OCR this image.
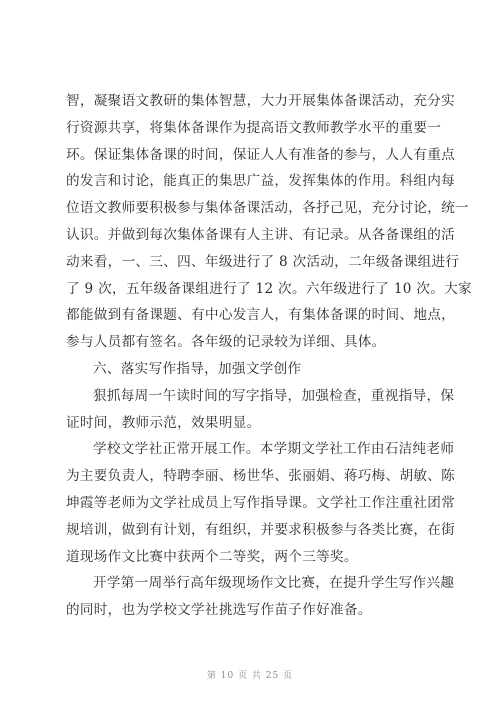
智，凝聚语文教研的集体智慧，大力开展集体备课活动，充分实
行资源共享，将集体备课作为提高语文教师教学水平的重要一
环。保证集体备课的时间，保证人人有准备的参与，人人有重点
的发言和讨论，能真正的集思广益，发挥集体的作用。科组内每
位语文教师要积极参与集体备课活动，各抒己见，充分讨论，统一
认识。并做到每次集体备课有人主讲、有记录。从各备课组的活
动来看，一、三、四、年级进行了 8 次活动，二年级备课组进行
了 9 次，五年级备课组进行了 12 次。六年级进行了 10 次。大家
都能做到有备课题、有中心发言人，有集体备课的时间、地点，
参与人员都有签名。各年级的记录较为详细、具体。
六、落实写作指导，加强文学创作
狠抓每周一午读时间的写字指导，加强检查，重视指导，保
证时间，教师示范，效果明显。
学校文学社正常开展工作。本学期文学社工作由石洁纯老师
为主要负责人，特聘李丽、杨世华、张丽娟、蒋巧梅、胡敏、陈
坤霞等老师为文学社成员上写作指导课。文学社工作注重社团常
规培训，做到有计划，有组织，并要求积极参与各类比赛，在街
道现场作文比赛中获两个二等奖，两个三等奖。
开学第一周举行高年级现场作文比赛，在提升学生写作兴趣
的同时，也为学校文学社挑选写作苗子作好准备。
第 10 页 共 25 页
